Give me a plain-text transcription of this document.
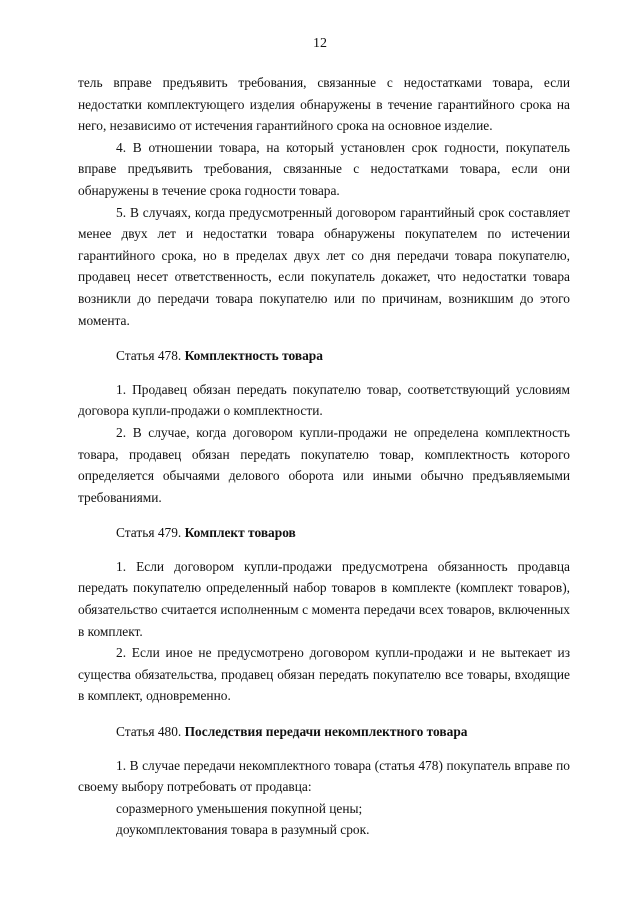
12

тель вправе предъявить требования, связанные с недостатками товара, если недостатки комплектующего изделия обнаружены в течение гарантийного срока на него, независимо от истечения гарантийного срока на основное изделие.

4. В отношении товара, на который установлен срок годности, покупатель вправе предъявить требования, связанные с недостатками товара, если они обнаружены в течение срока годности товара.

5. В случаях, когда предусмотренный договором гарантийный срок составляет менее двух лет и недостатки товара обнаружены покупателем по истечении гарантийного срока, но в пределах двух лет со дня передачи товара покупателю, продавец несет ответственность, если покупатель докажет, что недостатки товара возникли до передачи товара покупателю или по причинам, возникшим до этого момента.

Статья 478. Комплектность товара

1. Продавец обязан передать покупателю товар, соответствующий условиям договора купли-продажи о комплектности.

2. В случае, когда договором купли-продажи не определена комплектность товара, продавец обязан передать покупателю товар, комплектность которого определяется обычаями делового оборота или иными обычно предъявляемыми требованиями.

Статья 479. Комплект товаров

1. Если договором купли-продажи предусмотрена обязанность продавца передать покупателю определенный набор товаров в комплекте (комплект товаров), обязательство считается исполненным с момента передачи всех товаров, включенных в комплект.

2. Если иное не предусмотрено договором купли-продажи и не вытекает из существа обязательства, продавец обязан передать покупателю все товары, входящие в комплект, одновременно.

Статья 480. Последствия передачи некомплектного товара

1. В случае передачи некомплектного товара (статья 478) покупатель вправе по своему выбору потребовать от продавца:

соразмерного уменьшения покупной цены;

доукомплектования товара в разумный срок.
